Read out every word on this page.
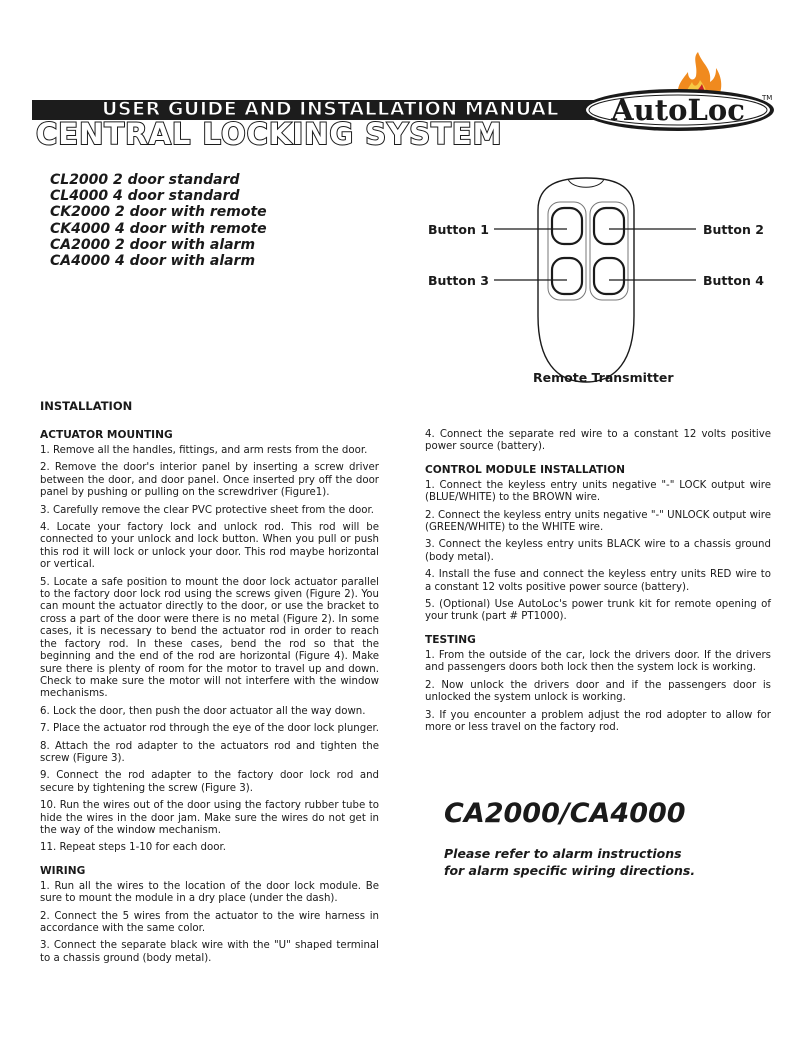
USER GUIDE AND INSTALLATION MANUAL
CENTRAL LOCKING SYSTEM
AutoLoc TM
CL2000 2 door standard
CL4000 4 door standard
CK2000 2 door with remote
CK4000 4 door with remote
CA2000 2 door with alarm
CA4000 4 door with alarm
Button 1	Button 2
Button 3	Button 4
Remote Transmitter
INSTALLATION
ACTUATOR MOUNTING

1. Remove all the handles, fittings, and arm rests from the door.

2. Remove the door's interior panel by inserting a screw driver between the door, and door panel. Once inserted pry off the door panel by pushing or pulling on the screwdriver (Figure1).

3. Carefully remove the clear PVC protective sheet from the door.

4. Locate your factory lock and unlock rod. This rod will be connected to your unlock and lock button. When you pull or push this rod it will lock or unlock your door. This rod maybe horizontal or vertical.

5. Locate a safe position to mount the door lock actuator parallel to the factory door lock rod using the screws given (Figure 2). You can mount the actuator directly to the door, or use the bracket to cross a part of the door were there is no metal (Figure 2). In some cases, it is necessary to bend the actuator rod in order to reach the factory rod. In these cases, bend the rod so that the beginning and the end of the rod are horizontal (Figure 4). Make sure there is plenty of room for the motor to travel up and down. Check to make sure the motor will not interfere with the window mechanisms.

6. Lock the door, then push the door actuator all the way down.

7. Place the actuator rod through the eye of the door lock plunger.

8. Attach the rod adapter to the actuators rod and tighten the screw (Figure 3).

9. Connect the rod adapter to the factory door lock rod and secure by tightening the screw (Figure 3).

10. Run the wires out of the door using the factory rubber tube to hide the wires in the door jam. Make sure the wires do not get in the way of the window mechanism.

11. Repeat steps 1-10 for each door.

WIRING

1. Run all the wires to the location of the door lock module. Be sure to mount the module in a dry place (under the dash).

2. Connect the 5 wires from the actuator to the wire harness in accordance with the same color.

3. Connect the separate black wire with the "U" shaped terminal to a chassis ground (body metal).

4. Connect the separate red wire to a constant 12 volts positive power source (battery).

CONTROL MODULE INSTALLATION

1. Connect the keyless entry units negative "-" LOCK output wire (BLUE/WHITE) to the BROWN wire.

2. Connect the keyless entry units negative "-" UNLOCK output wire (GREEN/WHITE) to the WHITE wire.

3. Connect the keyless entry units BLACK wire to a chassis ground (body metal).

4. Install the fuse and connect the keyless entry units RED wire to a constant 12 volts positive power source (battery).

5. (Optional) Use AutoLoc's power trunk kit for remote opening of your trunk (part # PT1000).

TESTING

1. From the outside of the car, lock the drivers door. If the drivers and passengers doors both lock then the system lock is working.

2. Now unlock the drivers door and if the passengers door is unlocked the system unlock is working.

3. If you encounter a problem adjust the rod adopter to allow for more or less travel on the factory rod.

CA2000/CA4000
Please refer to alarm instructions
for alarm specific wiring directions.
